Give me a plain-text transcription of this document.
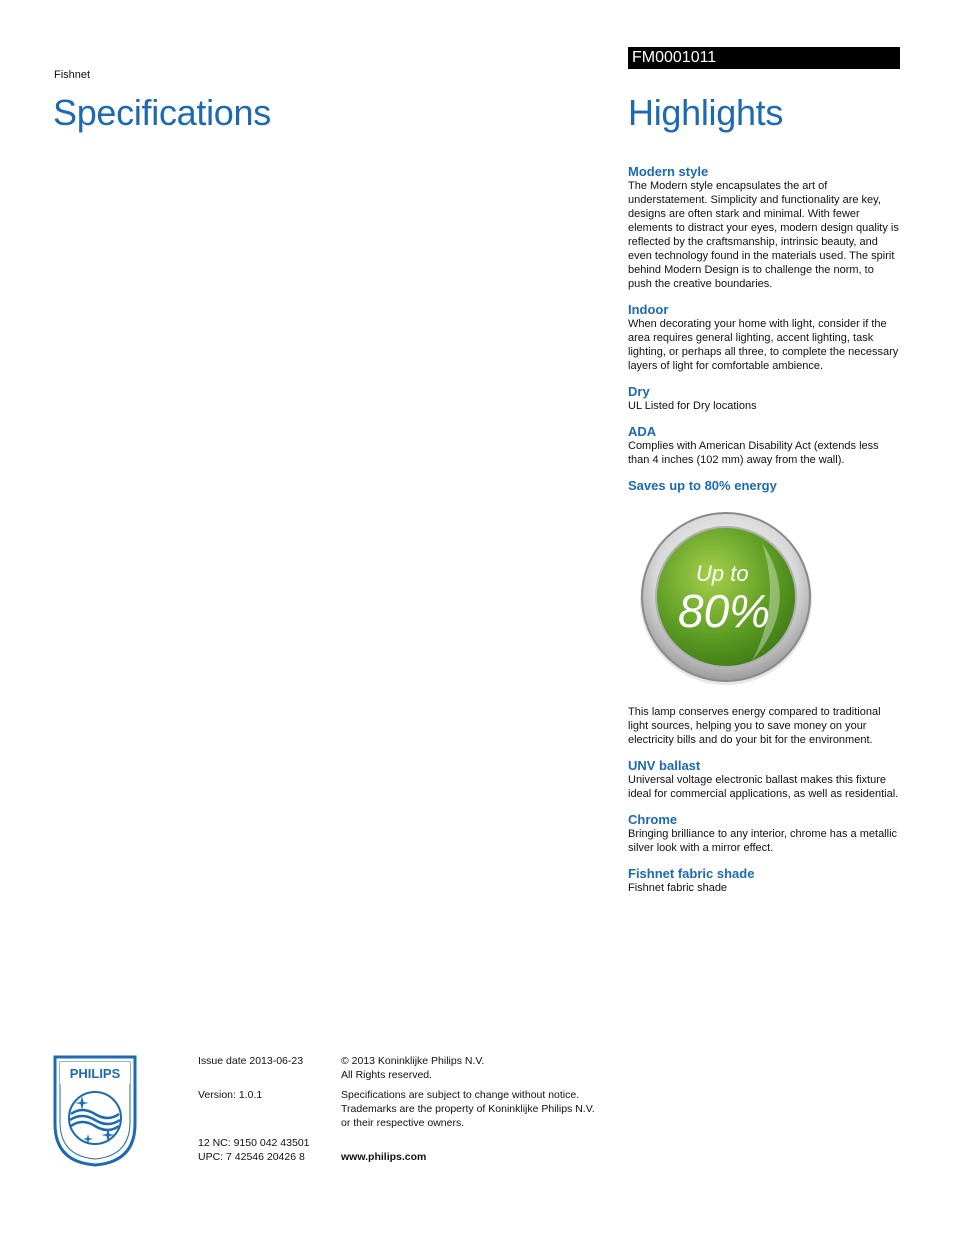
Fishnet
Specifications
FM0001011
Highlights
Modern style
The Modern style encapsulates the art of understatement. Simplicity and functionality are key, designs are often stark and minimal. With fewer elements to distract your eyes, modern design quality is reflected by the craftsmanship, intrinsic beauty, and even technology found in the materials used. The spirit behind Modern Design is to challenge the norm, to push the creative boundaries.
Indoor
When decorating your home with light, consider if the area requires general lighting, accent lighting, task lighting, or perhaps all three, to complete the necessary layers of light for comfortable ambience.
Dry
UL Listed for Dry locations
ADA
Complies with American Disability Act (extends less than 4 inches (102 mm) away from the wall).
Saves up to 80% energy
Up to
80%
This lamp conserves energy compared to traditional light sources, helping you to save money on your electricity bills and do your bit for the environment.
UNV ballast
Universal voltage electronic ballast makes this fixture ideal for commercial applications, as well as residential.
Chrome
Bringing brilliance to any interior, chrome has a metallic silver look with a mirror effect.
Fishnet fabric shade
Fishnet fabric shade
PHILIPS
Issue date 2013-06-23
Version: 1.0.1
12 NC: 9150 042 43501
UPC: 7 42546 20426 8
© 2013 Koninklijke Philips N.V.
All Rights reserved.
Specifications are subject to change without notice.
Trademarks are the property of Koninklijke Philips N.V.
or their respective owners.
www.philips.com
